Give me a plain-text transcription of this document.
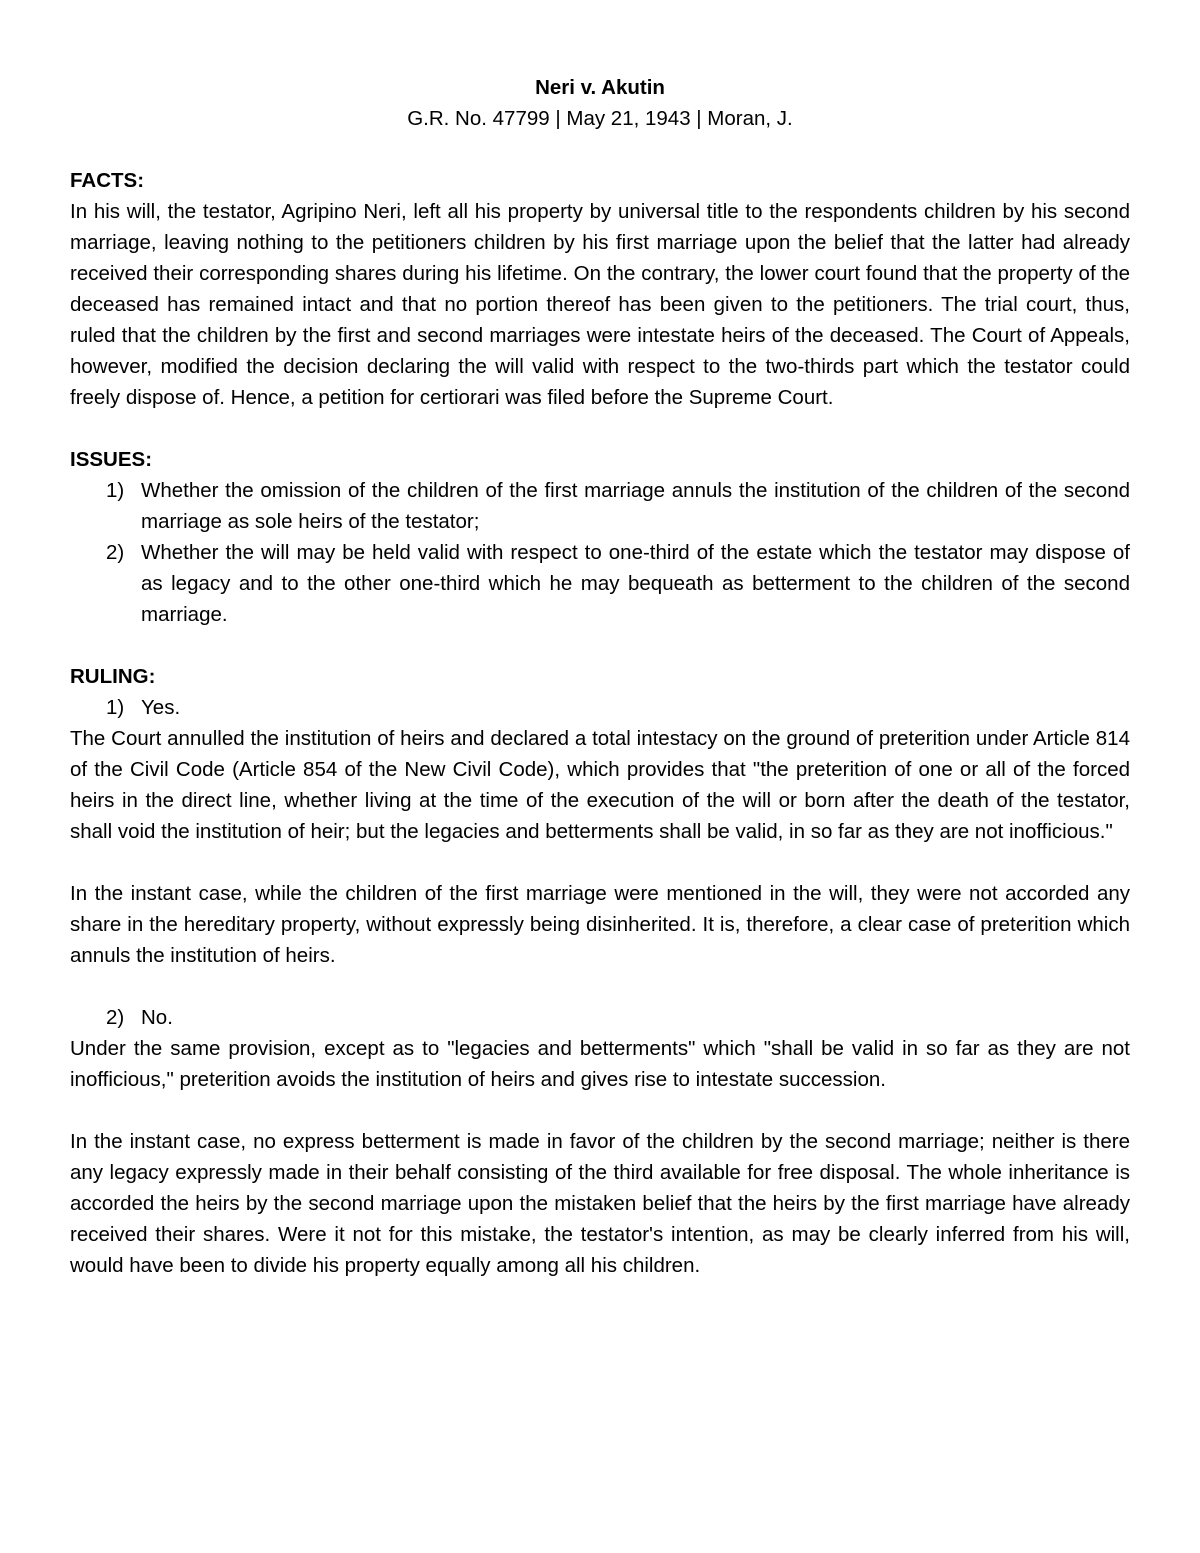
Neri v. Akutin

G.R. No. 47799 | May 21, 1943 | Moran, J.

FACTS:

In his will, the testator, Agripino Neri, left all his property by universal title to the respondents children by his second marriage, leaving nothing to the petitioners children by his first marriage upon the belief that the latter had already received their corresponding shares during his lifetime. On the contrary, the lower court found that the property of the deceased has remained intact and that no portion thereof has been given to the petitioners. The trial court, thus, ruled that the children by the first and second marriages were intestate heirs of the deceased. The Court of Appeals, however, modified the decision declaring the will valid with respect to the two-thirds part which the testator could freely dispose of. Hence, a petition for certiorari was filed before the Supreme Court.

ISSUES:

1) Whether the omission of the children of the first marriage annuls the institution of the children of the second marriage as sole heirs of the testator;
2) Whether the will may be held valid with respect to one-third of the estate which the testator may dispose of as legacy and to the other one-third which he may bequeath as betterment to the children of the second marriage.

RULING:

1) Yes.

The Court annulled the institution of heirs and declared a total intestacy on the ground of preterition under Article 814 of the Civil Code (Article 854 of the New Civil Code), which provides that "the preterition of one or all of the forced heirs in the direct line, whether living at the time of the execution of the will or born after the death of the testator, shall void the institution of heir; but the legacies and betterments shall be valid, in so far as they are not inofficious."

In the instant case, while the children of the first marriage were mentioned in the will, they were not accorded any share in the hereditary property, without expressly being disinherited. It is, therefore, a clear case of preterition which annuls the institution of heirs.

2) No.

Under the same provision, except as to "legacies and betterments" which "shall be valid in so far as they are not inofficious," preterition avoids the institution of heirs and gives rise to intestate succession.

In the instant case, no express betterment is made in favor of the children by the second marriage; neither is there any legacy expressly made in their behalf consisting of the third available for free disposal. The whole inheritance is accorded the heirs by the second marriage upon the mistaken belief that the heirs by the first marriage have already received their shares. Were it not for this mistake, the testator's intention, as may be clearly inferred from his will, would have been to divide his property equally among all his children.
